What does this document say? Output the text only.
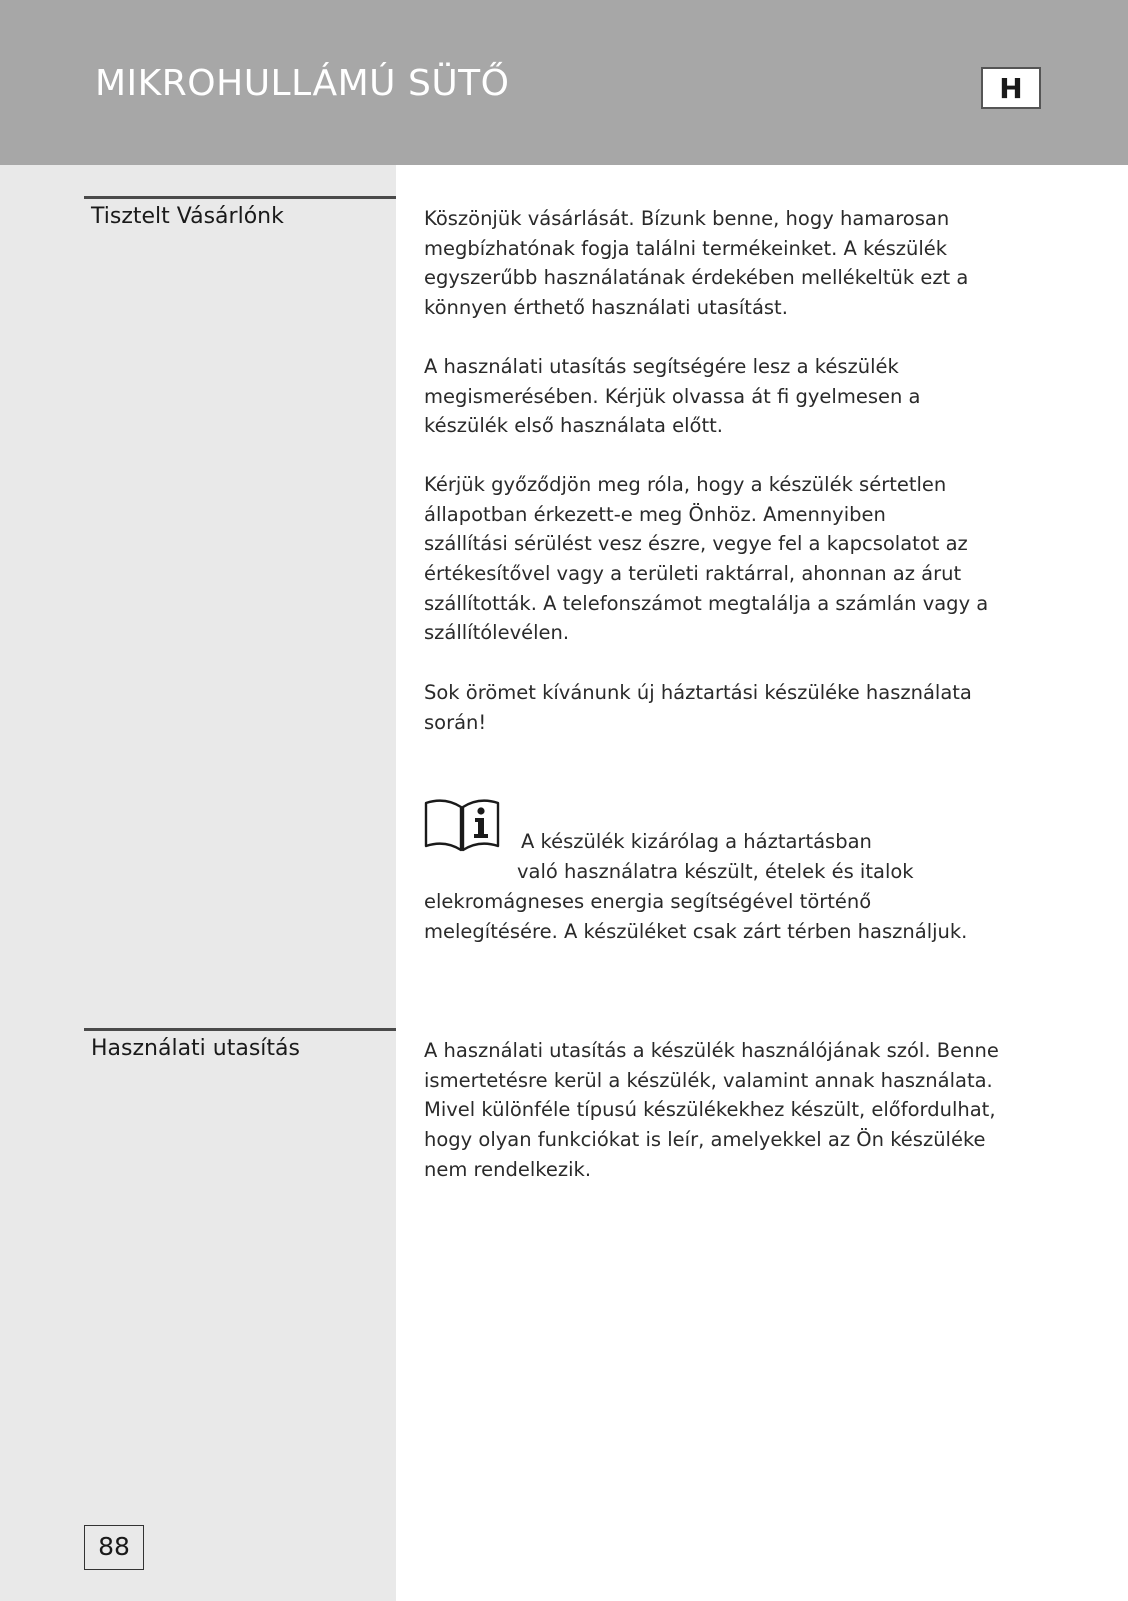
MIKROHULLÁMÚ SÜTŐ	H
Tisztelt Vásárlónk	Köszönjük vásárlását. Bízunk benne, hogy hamarosan
megbízhatónak fogja találni termékeinket. A készülék
egyszerűbb használatának érdekében mellékeltük ezt a
könnyen érthető használati utasítást.

A használati utasítás segítségére lesz a készülék
megismerésében. Kérjük olvassa át fi gyelmesen a
készülék első használata előtt.

Kérjük győződjön meg róla, hogy a készülék sértetlen
állapotban érkezett-e meg Önhöz. Amennyiben
szállítási sérülést vesz észre, vegye fel a kapcsolatot az
értékesítővel vagy a területi raktárral, ahonnan az árut
szállították. A telefonszámot megtalálja a számlán vagy a
szállítólevélen.

Sok örömet kívánunk új háztartási készüléke használata
során!

A készülék kizárólag a háztartásban

való használatra készült, ételek és italok

elekromágneses energia segítségével történő

melegítésére. A készüléket csak zárt térben használjuk.

Használati utasítás	A használati utasítás a készülék használójának szól. Benne
ismertetésre kerül a készülék, valamint annak használata.
Mivel különféle típusú készülékekhez készült, előfordulhat,
hogy olyan funkciókat is leír, amelyekkel az Ön készüléke
nem rendelkezik.

88
